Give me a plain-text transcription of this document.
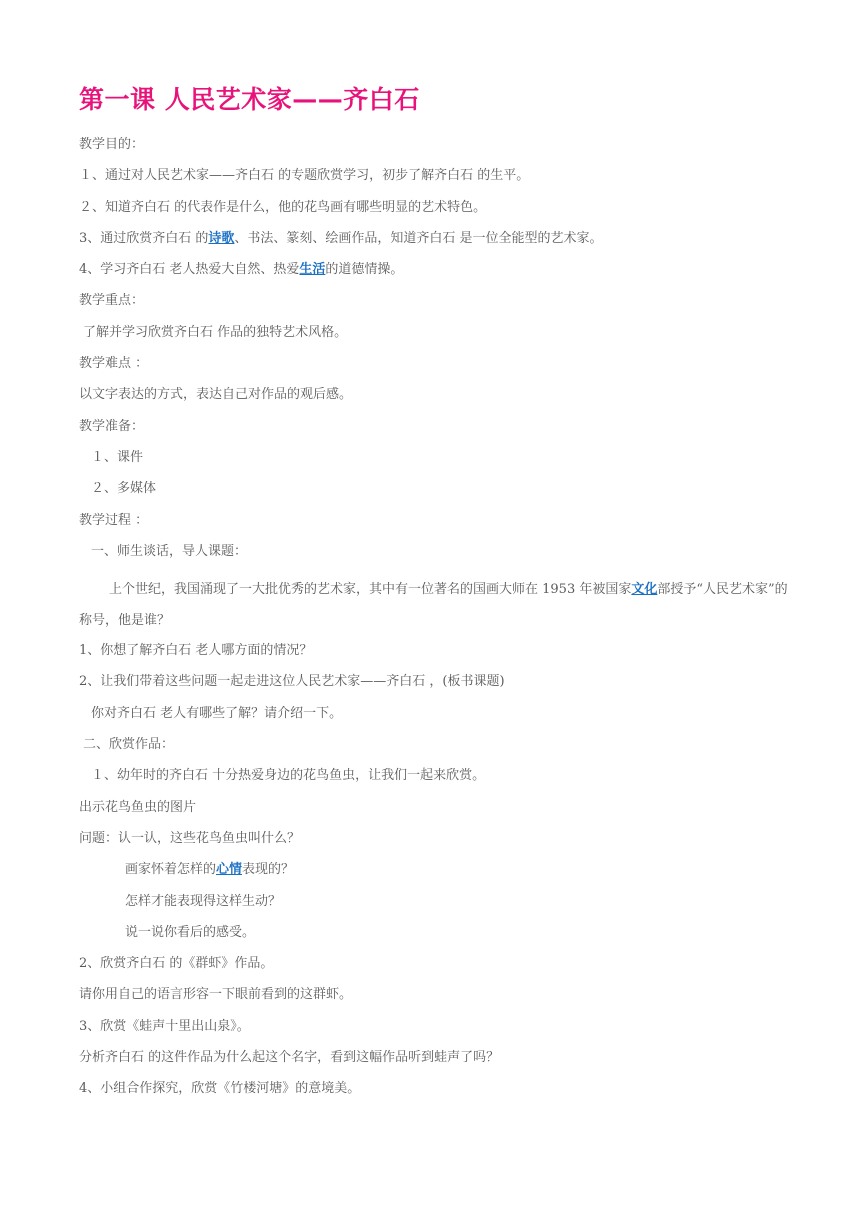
第一课 人民艺术家——齐白石
教学目的：
１、通过对人民艺术家——齐白石 的专题欣赏学习，初步了解齐白石 的生平。
２、知道齐白石 的代表作是什么，他的花鸟画有哪些明显的艺术特色。
3、通过欣赏齐白石 的诗歌、书法、篆刻、绘画作品，知道齐白石 是一位全能型的艺术家。
4、学习齐白石 老人热爱大自然、热爱生活的道德情操。
教学重点：
了解并学习欣赏齐白石 作品的独特艺术风格。
教学难点 ：
以文字表达的方式，表达自己对作品的观后感。
教学准备：
１、课件
２、多媒体
教学过程 ：
一、师生谈话，导人课题：
上个世纪，我国涌现了一大批优秀的艺术家，其中有一位著名的国画大师在 1953 年被国家文化部授予“人民艺术家”的称号，他是谁？
1、你想了解齐白石 老人哪方面的情况？
2、让我们带着这些问题一起走进这位人民艺术家——齐白石 ，(板书课题)
你对齐白石 老人有哪些了解？请介绍一下。
二、欣赏作品：
１、幼年时的齐白石 十分热爱身边的花鸟鱼虫，让我们一起来欣赏。
出示花鸟鱼虫的图片
问题：认一认，这些花鸟鱼虫叫什么？
画家怀着怎样的心情表现的？
怎样才能表现得这样生动？
说一说你看后的感受。
2、欣赏齐白石 的《群虾》作品。
请你用自己的语言形容一下眼前看到的这群虾。
3、欣赏《蛙声十里出山泉》。
分析齐白石 的这件作品为什么起这个名字，看到这幅作品听到蛙声了吗？
4、小组合作探究，欣赏《竹楼河塘》的意境美。
